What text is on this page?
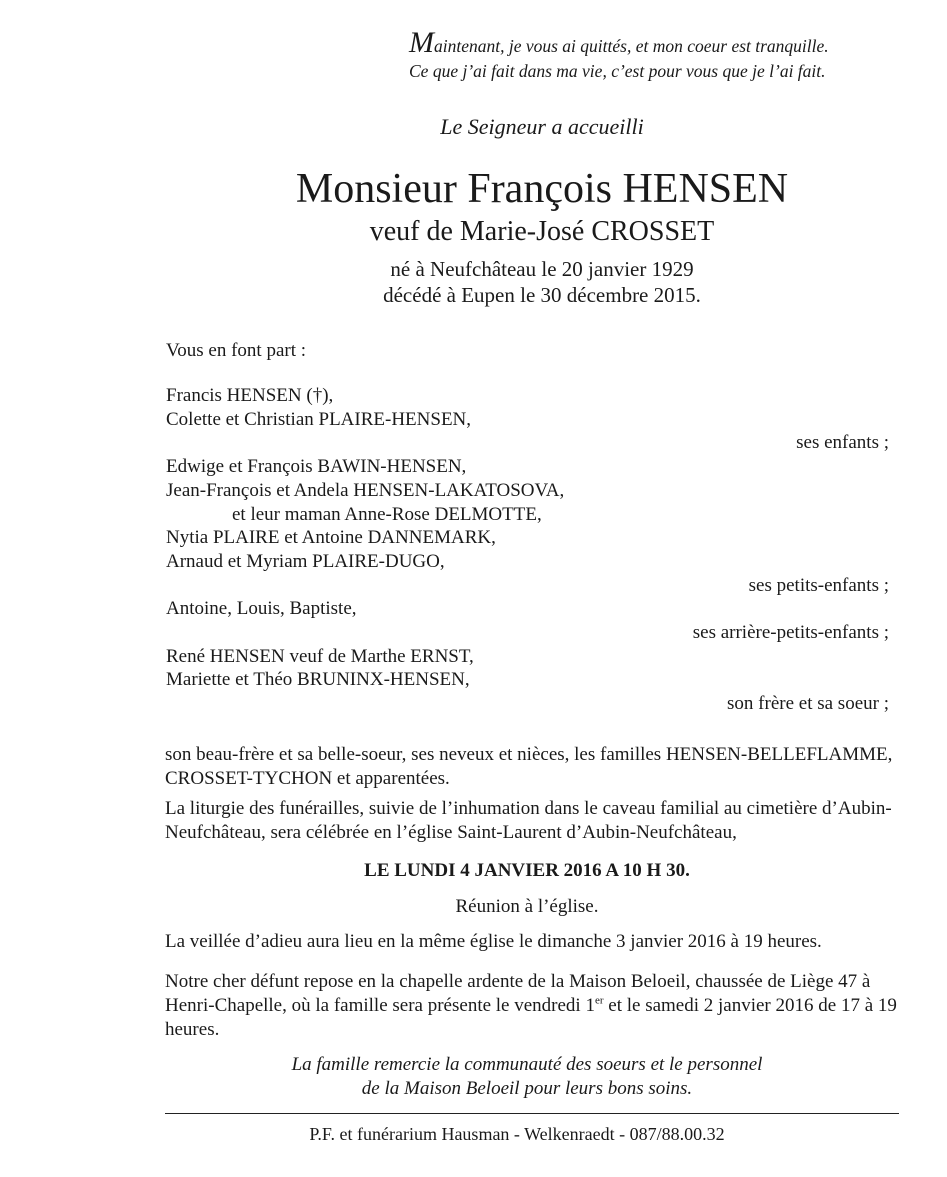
Maintenant, je vous ai quittés, et mon coeur est tranquille.
Ce que j’ai fait dans ma vie, c’est pour vous que je l’ai fait.
Le Seigneur a accueilli
Monsieur François HENSEN
veuf de Marie-José CROSSET
né à Neufchâteau le 20 janvier 1929
décédé à Eupen le 30 décembre 2015.
Vous en font part :
Francis HENSEN (†),
Colette et Christian PLAIRE-HENSEN,
ses enfants ;
Edwige et François BAWIN-HENSEN,
Jean-François et Andela HENSEN-LAKATOSOVA,
et leur maman Anne-Rose DELMOTTE,
Nytia PLAIRE et Antoine DANNEMARK,
Arnaud et Myriam PLAIRE-DUGO,
ses petits-enfants ;
Antoine, Louis, Baptiste,
ses arrière-petits-enfants ;
René HENSEN veuf de Marthe ERNST,
Mariette et Théo BRUNINX-HENSEN,
son frère et sa soeur ;
son beau-frère et sa belle-soeur, ses neveux et nièces, les familles HENSEN-BELLEFLAMME, CROSSET-TYCHON et apparentées.
La liturgie des funérailles, suivie de l’inhumation dans le caveau familial au cimetière d’Aubin-Neufchâteau, sera célébrée en l’église Saint-Laurent d’Aubin-Neufchâteau,
LE LUNDI 4 JANVIER 2016 A 10 H 30.
Réunion à l’église.
La veillée d’adieu aura lieu en la même église le dimanche 3 janvier 2016 à 19 heures.
Notre cher défunt repose en la chapelle ardente de la Maison Beloeil, chaussée de Liège 47 à Henri-Chapelle, où la famille sera présente le vendredi 1er et le samedi 2 janvier 2016 de 17 à 19 heures.
La famille remercie la communauté des soeurs et le personnel
de la Maison Beloeil pour leurs bons soins.
P.F. et funérarium Hausman - Welkenraedt - 087/88.00.32
